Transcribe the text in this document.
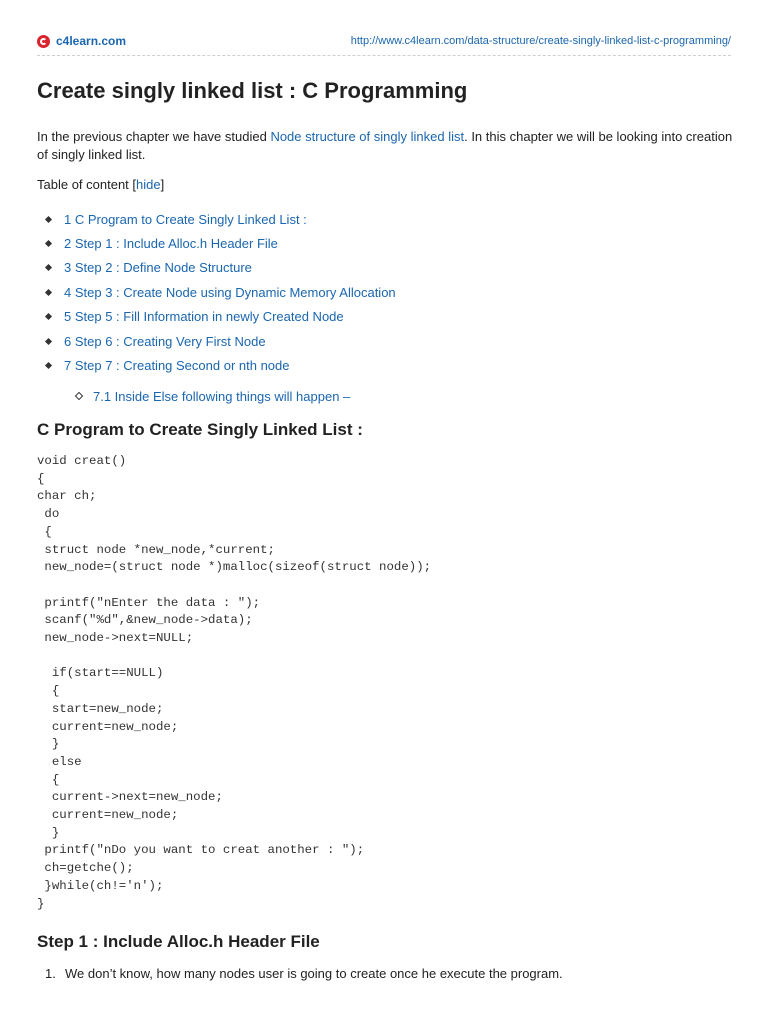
c4learn.com	http://www.c4learn.com/data-structure/create-singly-linked-list-c-programming/
Create singly linked list : C Programming

In the previous chapter we have studied Node structure of singly linked list. In this chapter we will be looking into creation of singly linked list.

Table of content [hide]

1 C Program to Create Singly Linked List :
2 Step 1 : Include Alloc.h Header File
3 Step 2 : Define Node Structure
4 Step 3 : Create Node using Dynamic Memory Allocation
5 Step 5 : Fill Information in newly Created Node
6 Step 6 : Creating Very First Node
7 Step 7 : Creating Second or nth node
7.1 Inside Else following things will happen –
C Program to Create Singly Linked List :
void creat()
{
char ch;
do
{
struct node *new_node,*current;
new_node=(struct node *)malloc(sizeof(struct node));

printf("nEnter the data : ");
scanf("%d",&new_node->data);
new_node->next=NULL;

if(start==NULL)
{
start=new_node;
current=new_node;
}
else
{
current->next=new_node;
current=new_node;
}
printf("nDo you want to creat another : ");
ch=getche();
}while(ch!='n');
}
Step 1 : Include Alloc.h Header File
1. We don’t know, how many nodes user is going to create once he execute the program.
